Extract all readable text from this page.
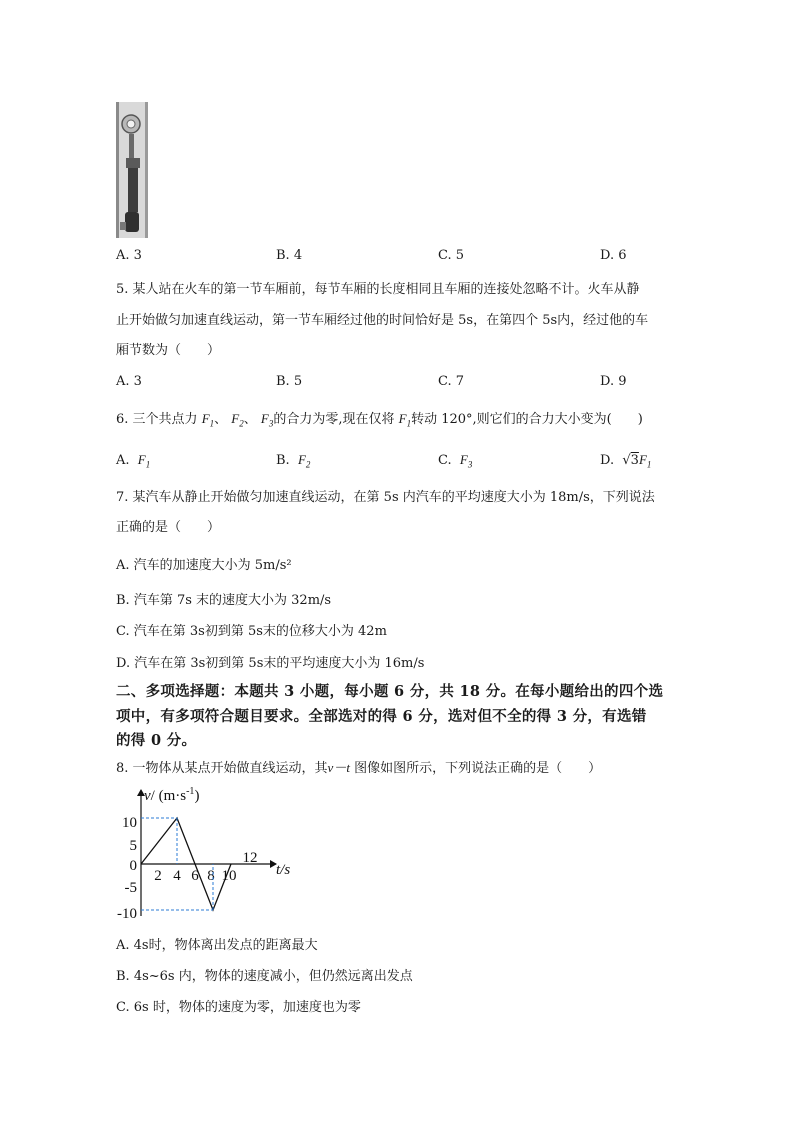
A. 3	B. 4	C. 5	D. 6
5. 某人站在火车的第一节车厢前，每节车厢的长度相同且车厢的连接处忽略不计。火车从静
止开始做匀加速直线运动，第一节车厢经过他的时间恰好是 5s，在第四个 5s内，经过他的车
厢节数为（　　）
A. 3	B. 5	C. 7	D. 9
6. 三个共点力 $F_1$、 $F_2$、 $F_3$的合力为零,现在仅将 $F_1$转动 120°,则它们的合力大小变为(　　)
A. $F_1$	B. $F_2$	C. $F_3$	D. $√3F_1$
7. 某汽车从静止开始做匀加速直线运动，在第 5s 内汽车的平均速度大小为 18m/s，下列说法
正确的是（　　）
A. 汽车的加速度大小为 5m/s²
B. 汽车第 7s 末的速度大小为 32m/s
C. 汽车在第 3s初到第 5s末的位移大小为 42m
D. 汽车在第 3s初到第 5s末的平均速度大小为 16m/s
二、多项选择题：本题共 3 小题，每小题 6 分，共 18 分。在每小题给出的四个选
项中，有多项符合题目要求。全部选对的得 6 分，选对但不全的得 3 分，有选错
的得 0 分。
8. 一物体从某点开始做直线运动，其v－t 图像如图所示，下列说法正确的是（　　）
v/ $(m\cdot s^{-1})$
t/s
10
5
0
-5
-10
2 4 6 8 10
12
A. 4s时，物体离出发点的距离最大
B. 4s~6s 内，物体的速度减小，但仍然远离出发点
C. 6s 时，物体的速度为零，加速度也为零
